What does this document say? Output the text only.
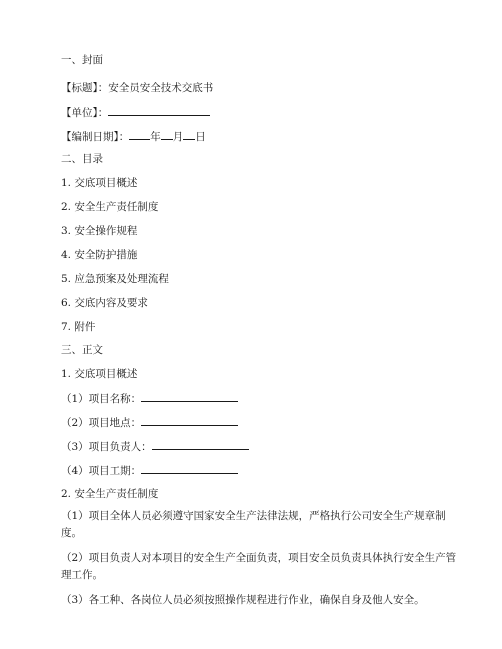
一、封面
【标题】：安全员安全技术交底书
【单位】：
【编制日期】： 年 月 日
二、目录
1. 交底项目概述
2. 安全生产责任制度
3. 安全操作规程
4. 安全防护措施
5. 应急预案及处理流程
6. 交底内容及要求
7. 附件
三、正文
1. 交底项目概述
（1）项目名称：
（2）项目地点：
（3）项目负责人：
（4）项目工期：
2. 安全生产责任制度
（1）项目全体人员必须遵守国家安全生产法律法规，严格执行公司安全生产规章制度。
（2）项目负责人对本项目的安全生产全面负责，项目安全员负责具体执行安全生产管理工作。
（3）各工种、各岗位人员必须按照操作规程进行作业，确保自身及他人安全。
